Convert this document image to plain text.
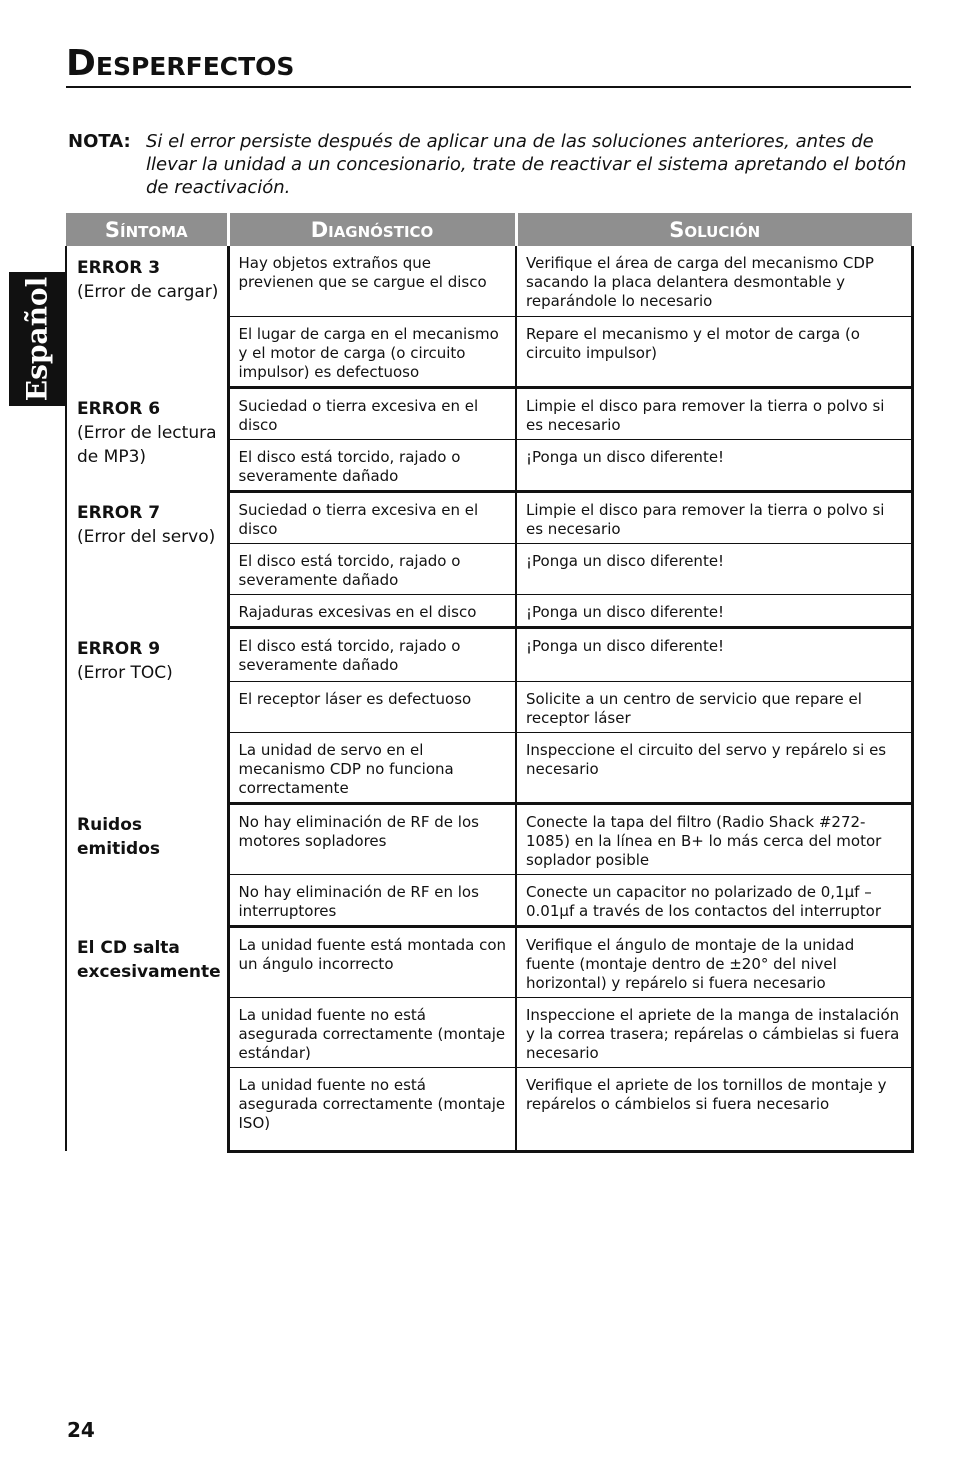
Desperfectos
Español
NOTA: Si el error persiste después de aplicar una de las soluciones anteriores, antes de llevar la unidad a un concesionario, trate de reactivar el sistema apretando el botón de reactivación.
Síntoma	Diagnóstico	Solución

ERROR 3
(Error de cargar)	Hay objetos extraños que previenen que se cargue el disco	Verifique el área de carga del mecanismo CDP sacando la placa delantera desmontable y reparándole lo necesario
	El lugar de carga en el mecanismo y el motor de carga (o circuito impulsor) es defectuoso	Repare el mecanismo y el motor de carga (o circuito impulsor)

ERROR 6
(Error de lectura de MP3)	Suciedad o tierra excesiva en el disco	Limpie el disco para remover la tierra o polvo si es necesario
	El disco está torcido, rajado o severamente dañado	¡Ponga un disco diferente!

ERROR 7
(Error del servo)	Suciedad o tierra excesiva en el disco	Limpie el disco para remover la tierra o polvo si es necesario
	El disco está torcido, rajado o severamente dañado	¡Ponga un disco diferente!
	Rajaduras excesivas en el disco	¡Ponga un disco diferente!

ERROR 9
(Error TOC)	El disco está torcido, rajado o severamente dañado	¡Ponga un disco diferente!
	El receptor láser es defectuoso	Solicite a un centro de servicio que repare el receptor láser
	La unidad de servo en el mecanismo CDP no funciona correctamente	Inspeccione el circuito del servo y repárelo si es necesario

Ruidos emitidos	No hay eliminación de RF de los motores sopladores	Conecte la tapa del filtro (Radio Shack #272-1085) en la línea en B+ lo más cerca del motor soplador posible
	No hay eliminación de RF en los interruptores	Conecte un capacitor no polarizado de 0,1µf – 0.01µf a través de los contactos del interruptor

El CD salta excesivamente	La unidad fuente está montada con un ángulo incorrecto	Verifique el ángulo de montaje de la unidad fuente (montaje dentro de ±20° del nivel horizontal) y repárelo si fuera necesario
	La unidad fuente no está asegurada correctamente (montaje estándar)	Inspeccione el apriete de la manga de instalación y la correa trasera; repárelas o cámbielas si fuera necesario
	La unidad fuente no está asegurada correctamente (montaje ISO)	Verifique el apriete de los tornillos de montaje y repárelos o cámbielos si fuera necesario
24
